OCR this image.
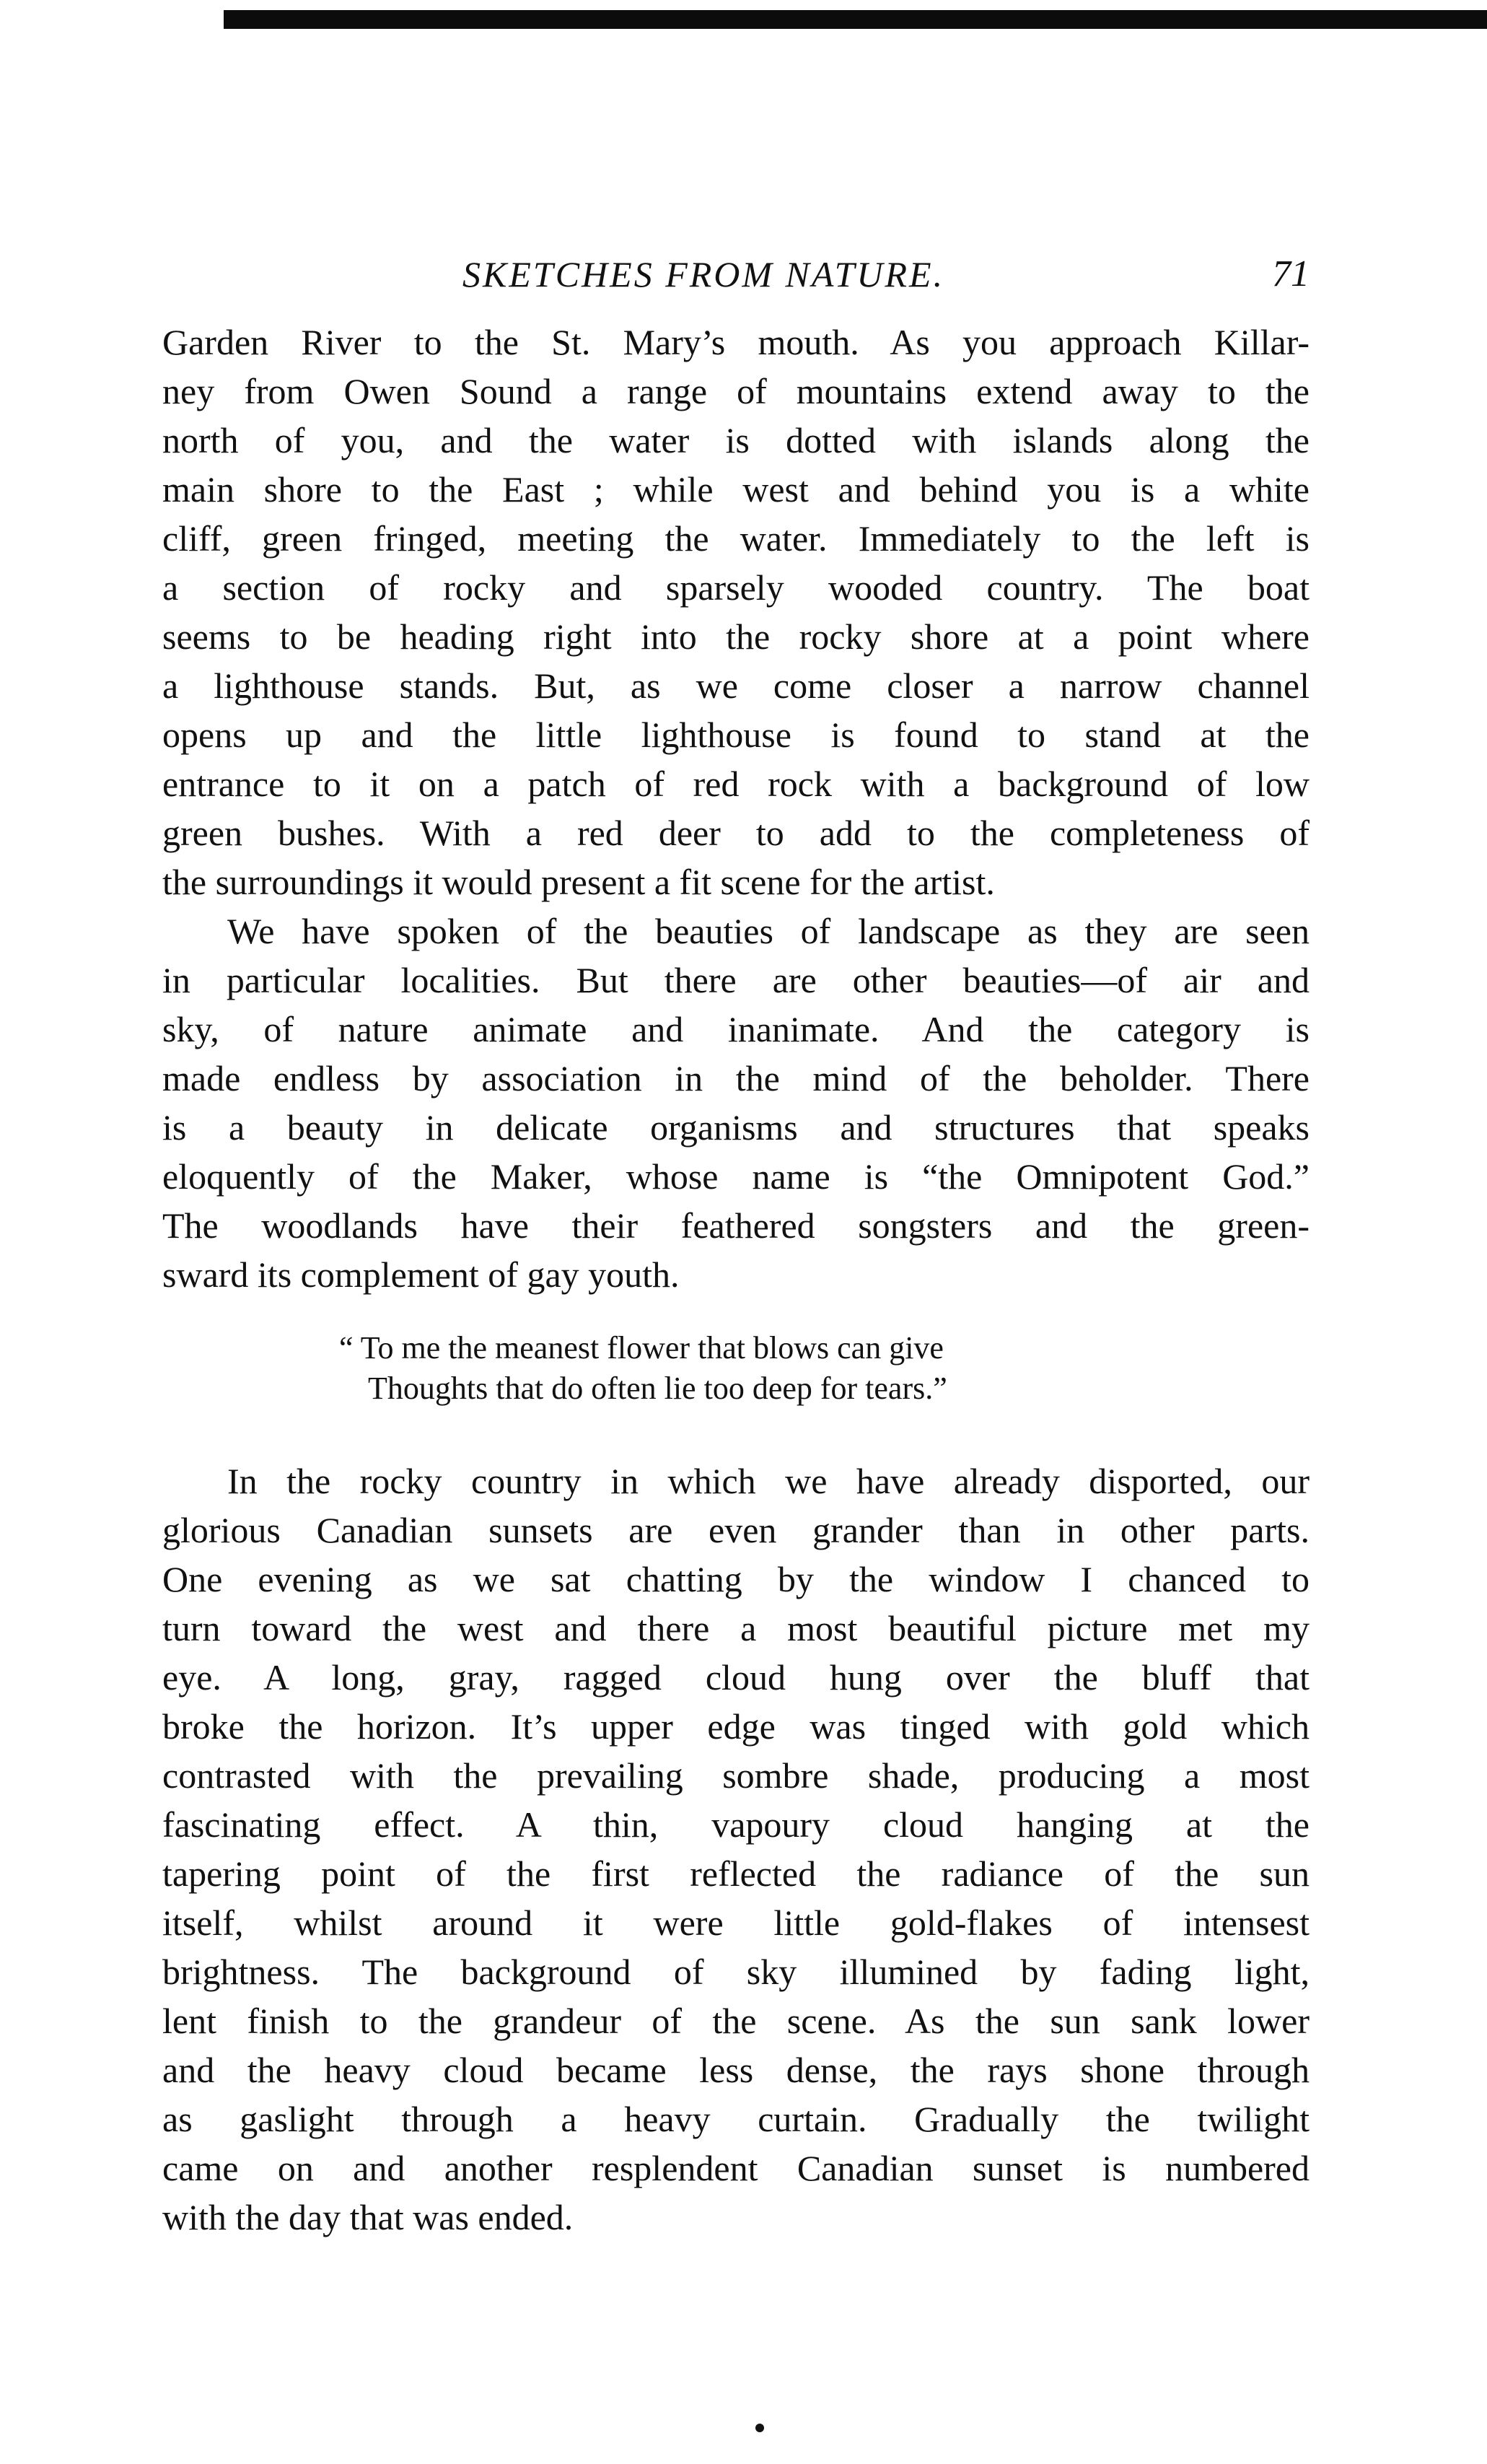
SKETCHES FROM NATURE.	71

Garden River to the St. Mary’s mouth. As you approach Killar-
ney from Owen Sound a range of mountains extend away to the
north of you, and the water is dotted with islands along the
main shore to the East ; while west and behind you is a white
cliff, green fringed, meeting the water. Immediately to the left is
a section of rocky and sparsely wooded country. The boat
seems to be heading right into the rocky shore at a point where
a lighthouse stands. But, as we come closer a narrow channel
opens up and the little lighthouse is found to stand at the
entrance to it on a patch of red rock with a background of low
green bushes. With a red deer to add to the completeness of
the surroundings it would present a fit scene for the artist.

We have spoken of the beauties of landscape as they are seen
in particular localities. But there are other beauties—of air and
sky, of nature animate and inanimate. And the category is
made endless by association in the mind of the beholder. There
is a beauty in delicate organisms and structures that speaks
eloquently of the Maker, whose name is “the Omnipotent God.”
The woodlands have their feathered songsters and the green-
sward its complement of gay youth.

“ To me the meanest flower that blows can give
Thoughts that do often lie too deep for tears.”

In the rocky country in which we have already disported, our
glorious Canadian sunsets are even grander than in other parts.
One evening as we sat chatting by the window I chanced to
turn toward the west and there a most beautiful picture met my
eye. A long, gray, ragged cloud hung over the bluff that
broke the horizon. It’s upper edge was tinged with gold which
contrasted with the prevailing sombre shade, producing a most
fascinating effect. A thin, vapoury cloud hanging at the
tapering point of the first reflected the radiance of the sun
itself, whilst around it were little gold-flakes of intensest
brightness. The background of sky illumined by fading light,
lent finish to the grandeur of the scene. As the sun sank lower
and the heavy cloud became less dense, the rays shone through
as gaslight through a heavy curtain. Gradually the twilight
came on and another resplendent Canadian sunset is numbered
with the day that was ended.
